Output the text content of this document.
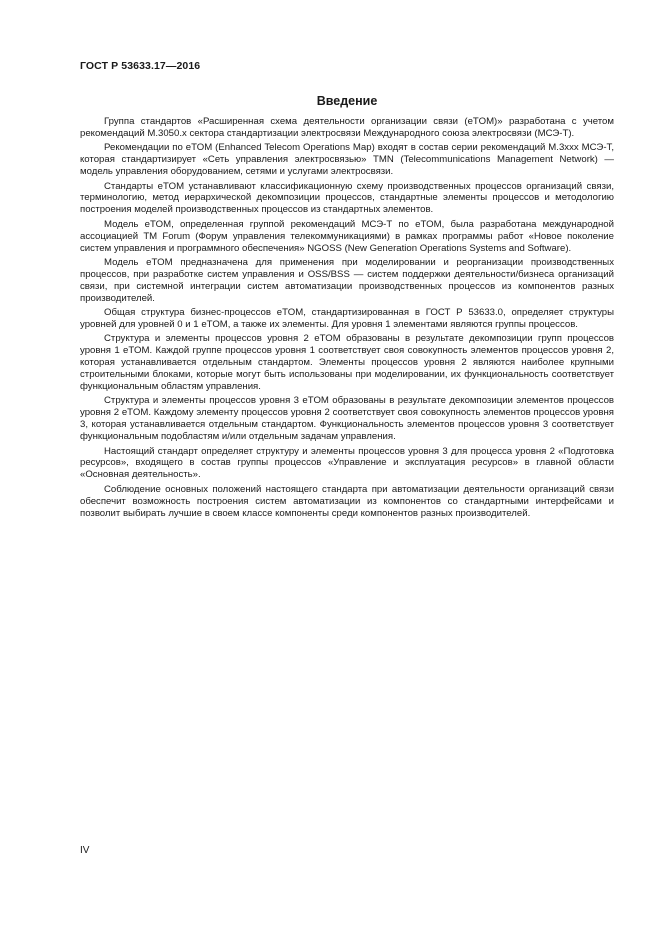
ГОСТ Р 53633.17—2016
Введение

Группа стандартов «Расширенная схема деятельности организации связи (eTOM)» разработана с учетом рекомендаций М.3050.х сектора стандартизации электросвязи Международного союза электросвязи (МСЭ-Т).

Рекомендации по eTOM (Enhanced Telecom Operations Map) входят в состав серии рекомендаций М.3ххх МСЭ-Т, которая стандартизирует «Сеть управления электросвязью» TMN (Telecommunications Management Network) — модель управления оборудованием, сетями и услугами электросвязи.

Стандарты eTOM устанавливают классификационную схему производственных процессов организаций связи, терминологию, метод иерархической декомпозиции процессов, стандартные элементы процессов и методологию построения моделей производственных процессов из стандартных элементов.

Модель eTOM, определенная группой рекомендаций МСЭ-Т по eTOM, была разработана международной ассоциацией TM Forum (Форум управления телекоммуникациями) в рамках программы работ «Новое поколение систем управления и программного обеспечения» NGOSS (New Generation Operations Systems and Software).

Модель eTOM предназначена для применения при моделировании и реорганизации производственных процессов, при разработке систем управления и OSS/BSS — систем поддержки деятельности/бизнеса организаций связи, при системной интеграции систем автоматизации производственных процессов из компонентов разных производителей.

Общая структура бизнес-процессов eTOM, стандартизированная в ГОСТ Р 53633.0, определяет структуры уровней для уровней 0 и 1 eTOM, а также их элементы. Для уровня 1 элементами являются группы процессов.

Структура и элементы процессов уровня 2 eTOM образованы в результате декомпозиции групп процессов уровня 1 eTOM. Каждой группе процессов уровня 1 соответствует своя совокупность элементов процессов уровня 2, которая устанавливается отдельным стандартом. Элементы процессов уровня 2 являются наиболее крупными строительными блоками, которые могут быть использованы при моделировании, их функциональность соответствует функциональным областям управления.

Структура и элементы процессов уровня 3 eTOM образованы в результате декомпозиции элементов процессов уровня 2 eTOM. Каждому элементу процессов уровня 2 соответствует своя совокупность элементов процессов уровня 3, которая устанавливается отдельным стандартом. Функциональность элементов процессов уровня 3 соответствует функциональным подобластям и/или отдельным задачам управления.

Настоящий стандарт определяет структуру и элементы процессов уровня 3 для процесса уровня 2 «Подготовка ресурсов», входящего в состав группы процессов «Управление и эксплуатация ресурсов» в главной области «Основная деятельность».

Соблюдение основных положений настоящего стандарта при автоматизации деятельности организаций связи обеспечит возможность построения систем автоматизации из компонентов со стандартными интерфейсами и позволит выбирать лучшие в своем классе компоненты среди компонентов разных производителей.

IV
